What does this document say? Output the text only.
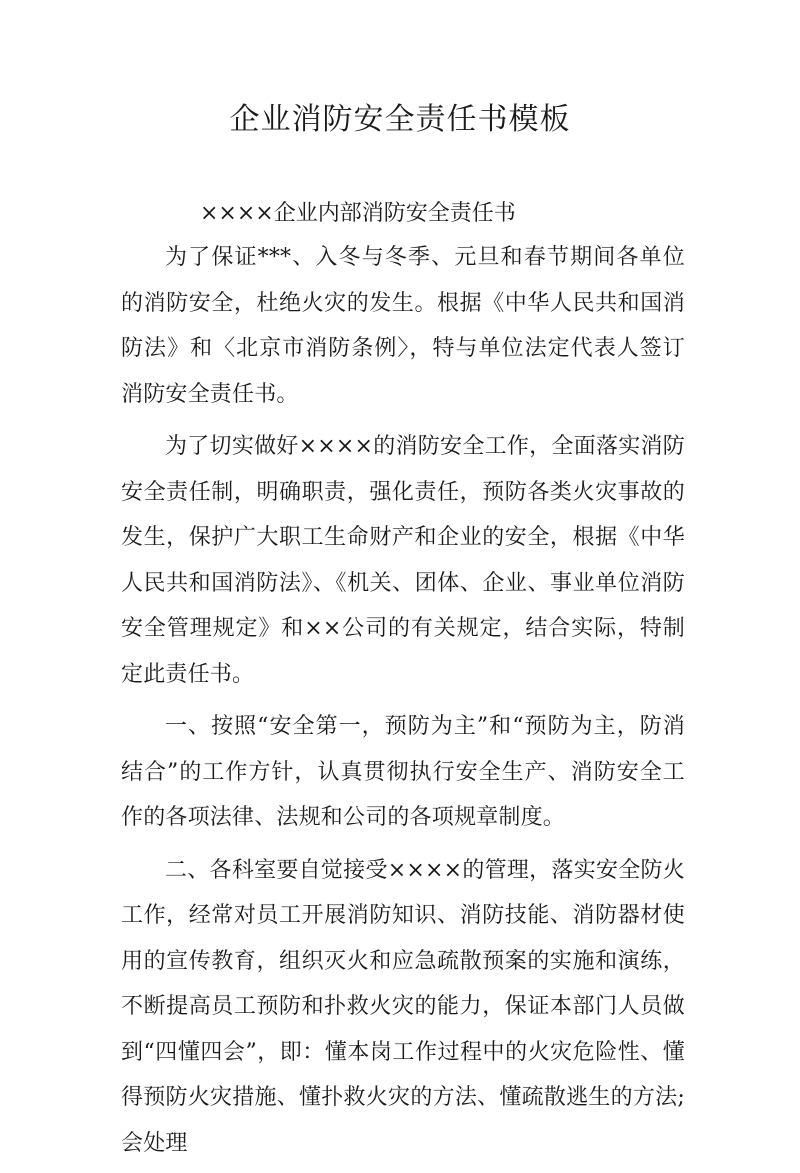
企业消防安全责任书模板

××××企业内部消防安全责任书

为了保证***、入冬与冬季、元旦和春节期间各单位的消防安全，杜绝火灾的发生。根据《中华人民共和国消防法》和〈北京市消防条例〉，特与单位法定代表人签订消防安全责任书。

为了切实做好××××的消防安全工作，全面落实消防安全责任制，明确职责，强化责任，预防各类火灾事故的发生，保护广大职工生命财产和企业的安全，根据《中华人民共和国消防法》、《机关、团体、企业、事业单位消防安全管理规定》和××公司的有关规定，结合实际，特制定此责任书。

一、按照“安全第一，预防为主”和“预防为主，防消结合”的工作方针，认真贯彻执行安全生产、消防安全工作的各项法律、法规和公司的各项规章制度。

二、各科室要自觉接受××××的管理，落实安全防火工作，经常对员工开展消防知识、消防技能、消防器材使用的宣传教育，组织灭火和应急疏散预案的实施和演练，不断提高员工预防和扑救火灾的能力，保证本部门人员做到“四懂四会”，即：懂本岗工作过程中的火灾危险性、懂得预防火灾措施、懂扑救火灾的方法、懂疏散逃生的方法;会处理
